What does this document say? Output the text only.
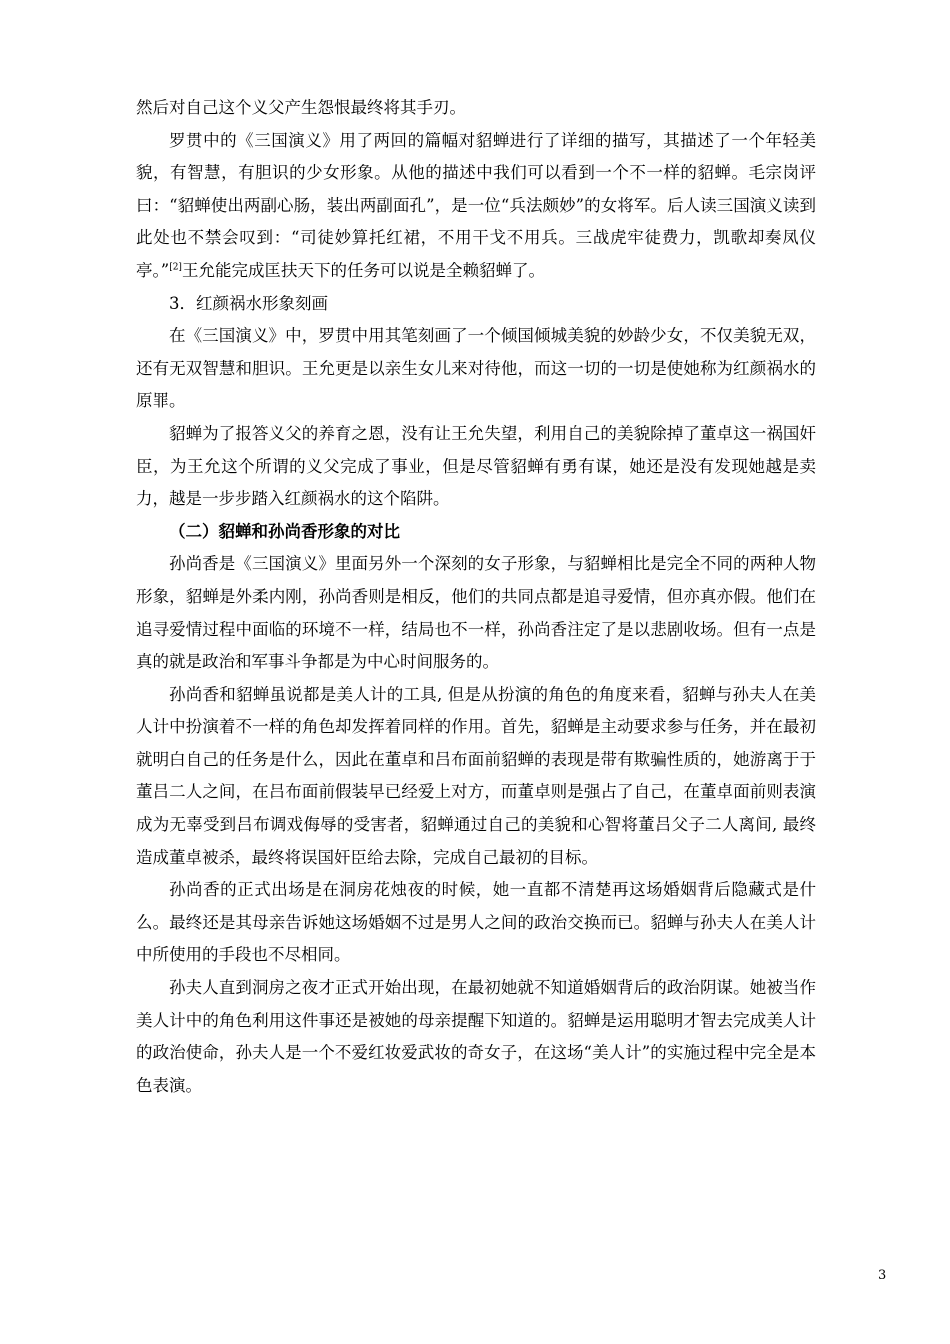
然后对自己这个义父产生怨恨最终将其手刃。

罗贯中的《三国演义》用了两回的篇幅对貂蝉进行了详细的描写，其描述了一个年轻美貌，有智慧，有胆识的少女形象。从他的描述中我们可以看到一个不一样的貂蝉。毛宗岗评曰：“貂蝉使出两副心肠，装出两副面孔”，是一位“兵法颇妙”的女将军。后人读三国演义读到此处也不禁会叹到：“司徒妙算托红裙，不用干戈不用兵。三战虎牢徒费力，凯歌却奏凤仪亭。”[2]王允能完成匡扶天下的任务可以说是全赖貂蝉了。

3．红颜祸水形象刻画

在《三国演义》中，罗贯中用其笔刻画了一个倾国倾城美貌的妙龄少女，不仅美貌无双，还有无双智慧和胆识。王允更是以亲生女儿来对待他，而这一切的一切是使她称为红颜祸水的原罪。

貂蝉为了报答义父的养育之恩，没有让王允失望，利用自己的美貌除掉了董卓这一祸国奸臣，为王允这个所谓的义父完成了事业，但是尽管貂蝉有勇有谋，她还是没有发现她越是卖力，越是一步步踏入红颜祸水的这个陷阱。

（二）貂蝉和孙尚香形象的对比

孙尚香是《三国演义》里面另外一个深刻的女子形象，与貂蝉相比是完全不同的两种人物形象，貂蝉是外柔内刚，孙尚香则是相反，他们的共同点都是追寻爱情，但亦真亦假。他们在追寻爱情过程中面临的环境不一样，结局也不一样，孙尚香注定了是以悲剧收场。但有一点是真的就是政治和军事斗争都是为中心时间服务的。

孙尚香和貂蝉虽说都是美人计的工具, 但是从扮演的角色的角度来看，貂蝉与孙夫人在美人计中扮演着不一样的角色却发挥着同样的作用。首先，貂蝉是主动要求参与任务，并在最初就明白自己的任务是什么，因此在董卓和吕布面前貂蝉的表现是带有欺骗性质的，她游离于于董吕二人之间，在吕布面前假装早已经爱上对方，而董卓则是强占了自己，在董卓面前则表演成为无辜受到吕布调戏侮辱的受害者，貂蝉通过自己的美貌和心智将董吕父子二人离间, 最终造成董卓被杀，最终将误国奸臣给去除，完成自己最初的目标。

孙尚香的正式出场是在洞房花烛夜的时候，她一直都不清楚再这场婚姻背后隐藏式是什么。最终还是其母亲告诉她这场婚姻不过是男人之间的政治交换而已。貂蝉与孙夫人在美人计中所使用的手段也不尽相同。

孙夫人直到洞房之夜才正式开始出现，在最初她就不知道婚姻背后的政治阴谋。她被当作美人计中的角色利用这件事还是被她的母亲提醒下知道的。貂蝉是运用聪明才智去完成美人计的政治使命，孙夫人是一个不爱红妆爱武妆的奇女子，在这场“美人计”的实施过程中完全是本色表演。

3
